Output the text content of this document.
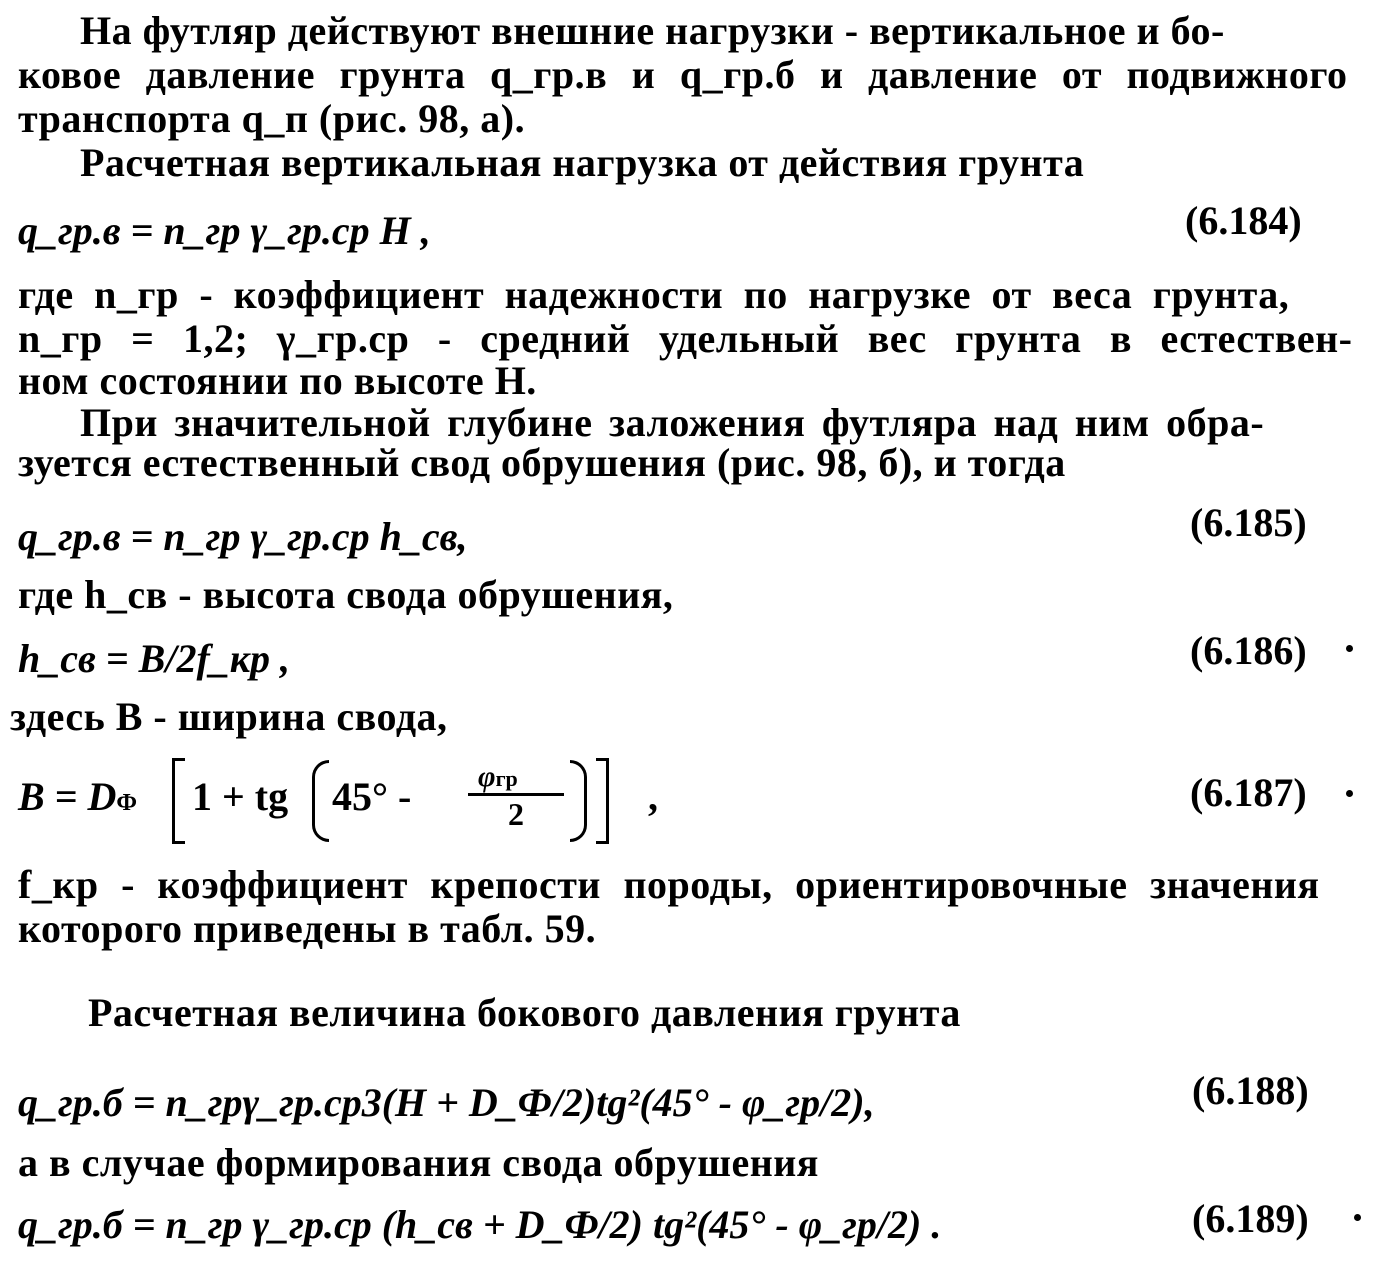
На футляр действуют внешние нагрузки - вертикальное и бо-
ковое давление грунта q_гр.в и q_гр.б и давление от подвижного
транспорта q_п (рис. 98, а).
Расчетная вертикальная нагрузка от действия грунта
q_гр.в = n_гр γ_гр.ср H ,	(6.184)
где n_гр - коэффициент надежности по нагрузке от веса грунта,
n_гр = 1,2; γ_гр.ср - средний удельный вес грунта в естествен-
ном состоянии по высоте H.
При значительной глубине заложения футляра над ним обра-
зуется естественный свод обрушения (рис. 98, б), и тогда
q_гр.в = n_гр γ_гр.ср h_св,	(6.185)
где h_св - высота свода обрушения,
h_св = B/2f_кр ,	(6.186)
здесь B - ширина свода,
B = DФ 1 + tg 45° - φгр
2	,	(6.187)
f_кр - коэффициент крепости породы, ориентировочные значения
которого приведены в табл. 59.
Расчетная величина бокового давления грунта
q_гр.б = n_грγ_гр.ср3(H + D_Ф/2)tg²(45° - φ_гр/2),	(6.188)
а в случае формирования свода обрушения
q_гр.б = n_гр γ_гр.ср (h_св + D_Ф/2) tg²(45° - φ_гр/2) .	(6.189)
